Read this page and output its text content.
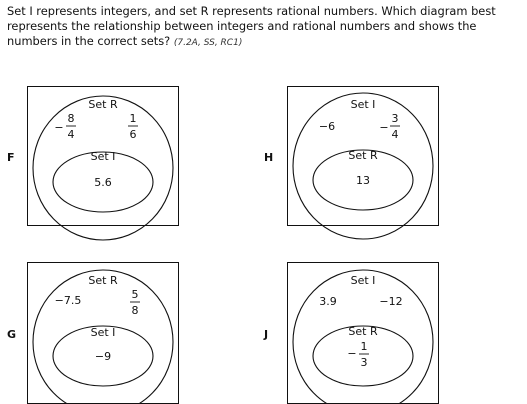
Set I represents integers, and set R represents rational numbers. Which diagram best represents the relationship between integers and rational numbers and shows the numbers in the correct sets? (7.2A, SS, RC1)

F
Set R
Set I
−
8
4
1
6
5.6
H
Set I
Set R
−6	−
3
4
13
G
Set R
Set I
−7.5	5
8
−9
J
Set I
Set R
3.9	−12
−
1
3
